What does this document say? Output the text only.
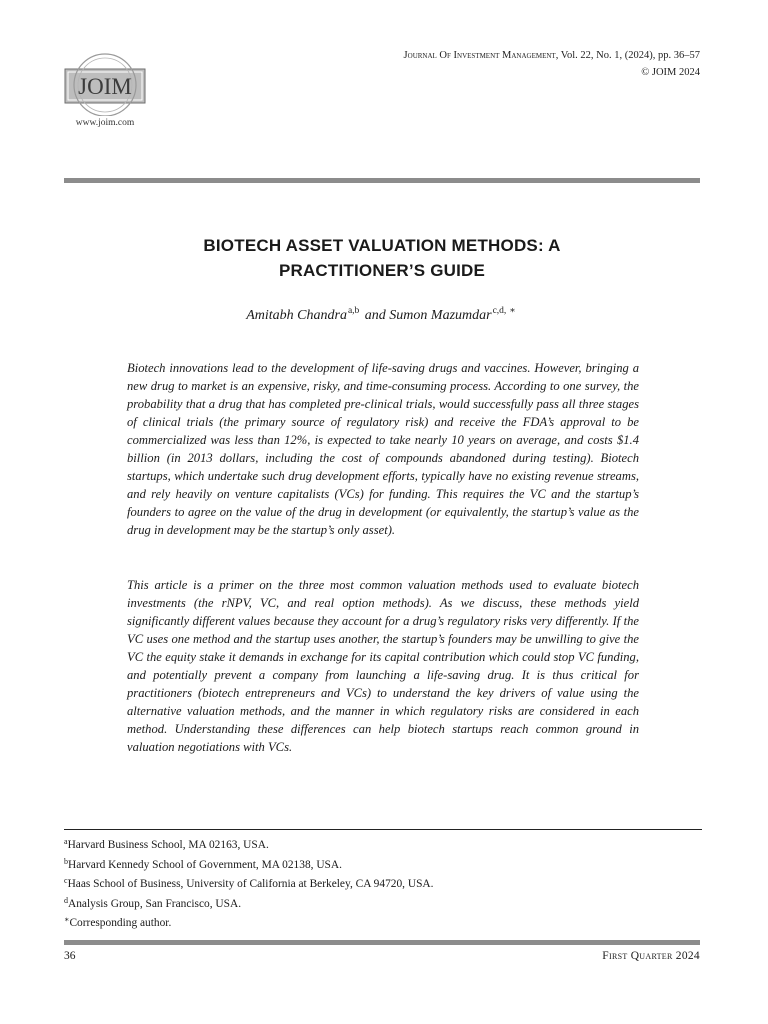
JOIM
www.joim.com
Journal Of Investment Management, Vol. 22, No. 1, (2024), pp. 36–57
© JOIM 2024
BIOTECH ASSET VALUATION METHODS: A
PRACTITIONER’S GUIDE
Amitabh Chandra$^{a,b}$ and Sumon Mazumdar$^{c,d,}$ ∗
Biotech innovations lead to the development of life-saving drugs and vaccines. However, bringing a new drug to market is an expensive, risky, and time-consuming process. According to one survey, the probability that a drug that has completed pre-clinical trials, would successfully pass all three stages of clinical trials (the primary source of regulatory risk) and receive the FDA’s approval to be commercialized was less than 12%, is expected to take nearly 10 years on average, and costs $1.4 billion (in 2013 dollars, including the cost of compounds abandoned during testing). Biotech startups, which undertake such drug development efforts, typically have no existing revenue streams, and rely heavily on venture capitalists (VCs) for funding. This requires the VC and the startup’s founders to agree on the value of the drug in development (or equivalently, the startup’s value as the drug in development may be the startup’s only asset).
This article is a primer on the three most common valuation methods used to evaluate biotech investments (the rNPV, VC, and real option methods). As we discuss, these methods yield significantly different values because they account for a drug’s regulatory risks very differently. If the VC uses one method and the startup uses another, the startup’s founders may be unwilling to give the VC the equity stake it demands in exchange for its capital contribution which could stop VC funding, and potentially prevent a company from launching a life-saving drug. It is thus critical for practitioners (biotech entrepreneurs and VCs) to understand the key drivers of value using the alternative valuation methods, and the manner in which regulatory risks are considered in each method. Understanding these differences can help biotech startups reach common ground in valuation negotiations with VCs.
$^a$Harvard Business School, MA 02163, USA.
$^b$Harvard Kennedy School of Government, MA 02138, USA.
$^c$Haas School of Business, University of California at Berkeley, CA 94720, USA.
$^d$Analysis Group, San Francisco, USA.
∗Corresponding author.
36	First Quarter 2024
